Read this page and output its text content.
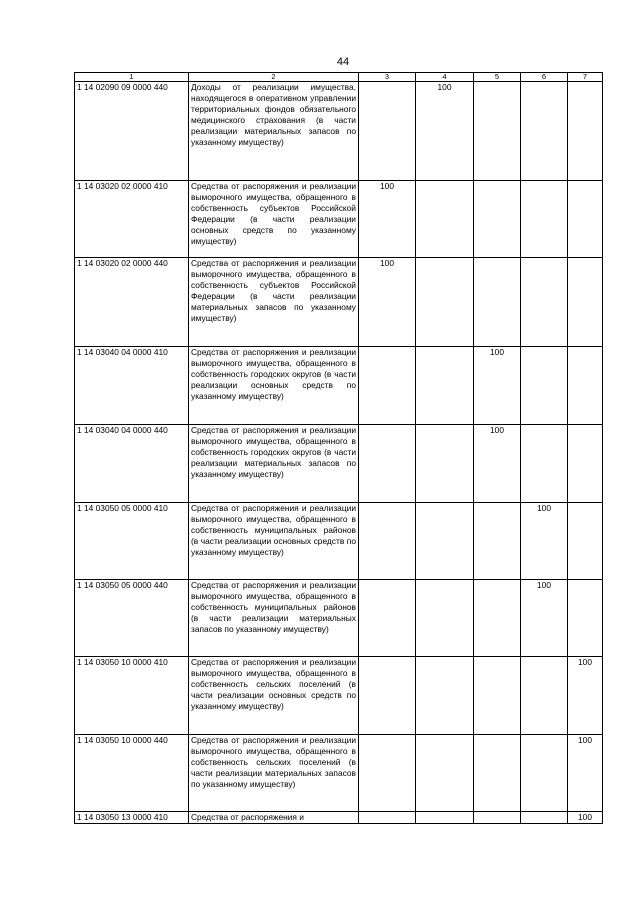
44
1	2	3	4	5	6	7
1 14 02090 09 0000 440	Доходы от реализации имущества, находящегося в оперативном управлении территориальных фондов обязательного медицинского страхования (в части реализации материальных запасов по указанному имуществу)		100			
1 14 03020 02 0000 410	Средства от распоряжения и реализации выморочного имущества, обращенного в собственность субъектов Российской Федерации (в части реализации основных средств по указанному имуществу)	100				
1 14 03020 02 0000 440	Средства от распоряжения и реализации выморочного имущества, обращенного в собственность субъектов Российской Федерации (в части реализации материальных запасов по указанному имуществу)	100				
1 14 03040 04 0000 410	Средства от распоряжения и реализации выморочного имущества, обращенного в собственность городских округов (в части реализации основных средств по указанному имуществу)			100		
1 14 03040 04 0000 440	Средства от распоряжения и реализации выморочного имущества, обращенного в собственность городских округов (в части реализации материальных запасов по указанному имуществу)			100		
1 14 03050 05 0000 410	Средства от распоряжения и реализации выморочного имущества, обращенного в собственность муниципальных районов (в части реализации основных средств по указанному имуществу)				100	
1 14 03050 05 0000 440	Средства от распоряжения и реализации выморочного имущества, обращенного в собственность муниципальных районов (в части реализации материальных запасов по указанному имуществу)				100	
1 14 03050 10 0000 410	Средства от распоряжения и реализации выморочного имущества, обращенного в собственность сельских поселений (в части реализации основных средств по указанному имуществу)					100
1 14 03050 10 0000 440	Средства от распоряжения и реализации выморочного имущества, обращенного в собственность сельских поселений (в части реализации материальных запасов по указанному имуществу)					100
1 14 03050 13 0000 410	Средства от распоряжения и					100
